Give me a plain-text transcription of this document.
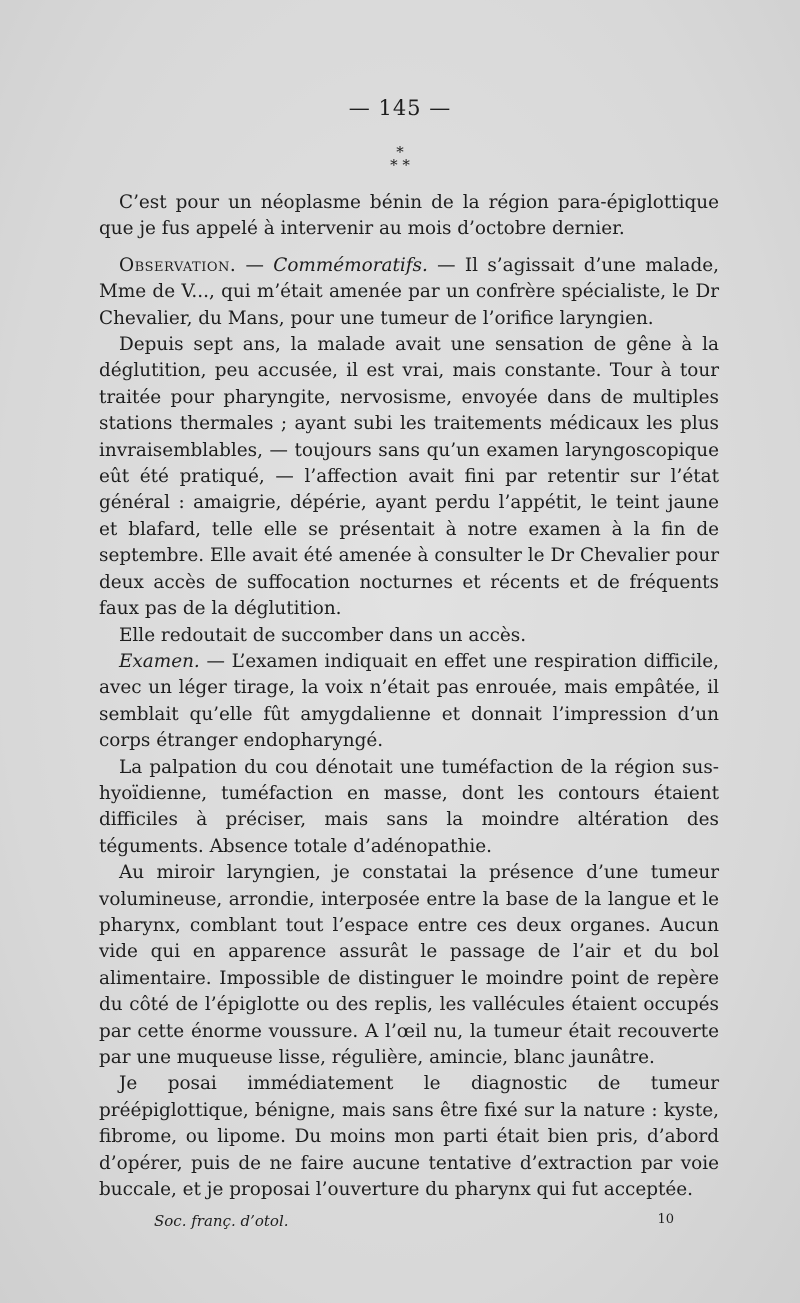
— 145 —
*
* *

C’est pour un néoplasme bénin de la région para-épiglottique que je fus appelé à intervenir au mois d’octobre dernier.

Observation. — Commémoratifs. — Il s’agissait d’une malade, Mme de V..., qui m’était amenée par un confrère spécialiste, le Dr Chevalier, du Mans, pour une tumeur de l’orifice laryngien.

Depuis sept ans, la malade avait une sensation de gêne à la déglutition, peu accusée, il est vrai, mais constante. Tour à tour traitée pour pharyngite, nervosisme, envoyée dans de multiples stations thermales ; ayant subi les traitements médicaux les plus invraisemblables, — toujours sans qu’un examen laryngoscopique eût été pratiqué, — l’affection avait fini par retentir sur l’état général : amaigrie, dépérie, ayant perdu l’appétit, le teint jaune et blafard, telle elle se présentait à notre examen à la fin de septembre. Elle avait été amenée à consulter le Dr Chevalier pour deux accès de suffocation nocturnes et récents et de fréquents faux pas de la déglutition.

Elle redoutait de succomber dans un accès.

Examen. — L’examen indiquait en effet une respiration difficile, avec un léger tirage, la voix n’était pas enrouée, mais empâtée, il semblait qu’elle fût amygdalienne et donnait l’impression d’un corps étranger endopharyngé.

La palpation du cou dénotait une tuméfaction de la région sus-hyoïdienne, tuméfaction en masse, dont les contours étaient difficiles à préciser, mais sans la moindre altération des téguments. Absence totale d’adénopathie.

Au miroir laryngien, je constatai la présence d’une tumeur volumineuse, arrondie, interposée entre la base de la langue et le pharynx, comblant tout l’espace entre ces deux organes. Aucun vide qui en apparence assurât le passage de l’air et du bol alimentaire. Impossible de distinguer le moindre point de repère du côté de l’épiglotte ou des replis, les vallécules étaient occupés par cette énorme voussure. A l’œil nu, la tumeur était recouverte par une muqueuse lisse, régulière, amincie, blanc jaunâtre.

Je posai immédiatement le diagnostic de tumeur préépiglottique, bénigne, mais sans être fixé sur la nature : kyste, fibrome, ou lipome. Du moins mon parti était bien pris, d’abord d’opérer, puis de ne faire aucune tentative d’extraction par voie buccale, et je proposai l’ouverture du pharynx qui fut acceptée.

Soc. franç. d’otol.	10
